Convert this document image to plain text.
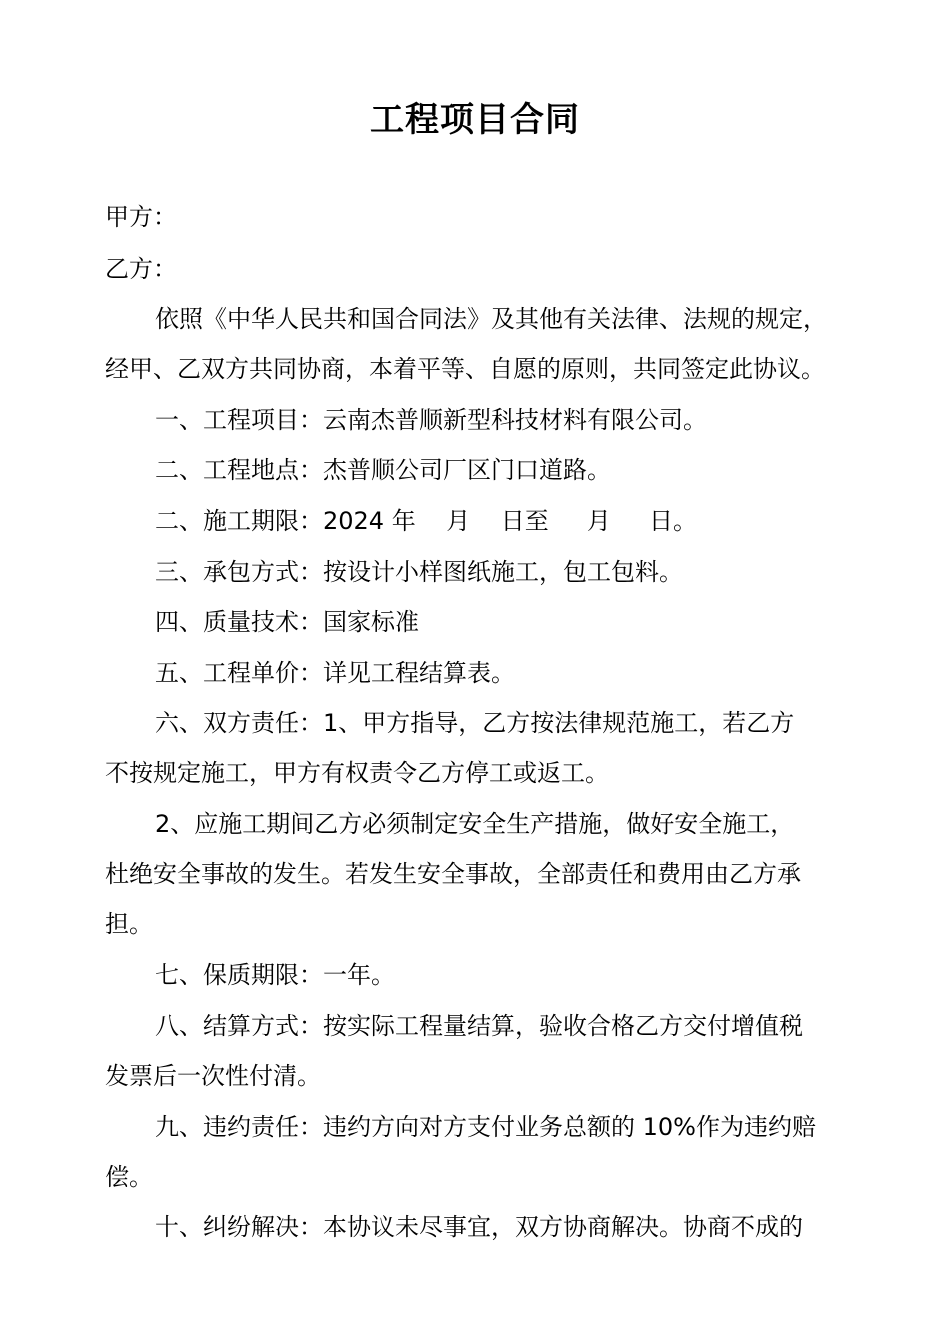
工程项目合同
甲方：
乙方：
依照《中华人民共和国合同法》及其他有关法律、法规的规定，
经甲、乙双方共同协商，本着平等、自愿的原则，共同签定此协议。
一、工程项目：云南杰普顺新型科技材料有限公司。
二、工程地点：杰普顺公司厂区门口道路。
二、施工期限：2024 年    月    日至     月     日。
三、承包方式：按设计小样图纸施工，包工包料。
四、质量技术：国家标准
五、工程单价：详见工程结算表。
六、双方责任：1、甲方指导，乙方按法律规范施工，若乙方
不按规定施工，甲方有权责令乙方停工或返工。
2、应施工期间乙方必须制定安全生产措施，做好安全施工，
杜绝安全事故的发生。若发生安全事故，全部责任和费用由乙方承
担。
七、保质期限：一年。
八、结算方式：按实际工程量结算，验收合格乙方交付增值税
发票后一次性付清。
九、违约责任：违约方向对方支付业务总额的 10%作为违约赔
偿。
十、纠纷解决：本协议未尽事宜，双方协商解决。协商不成的
